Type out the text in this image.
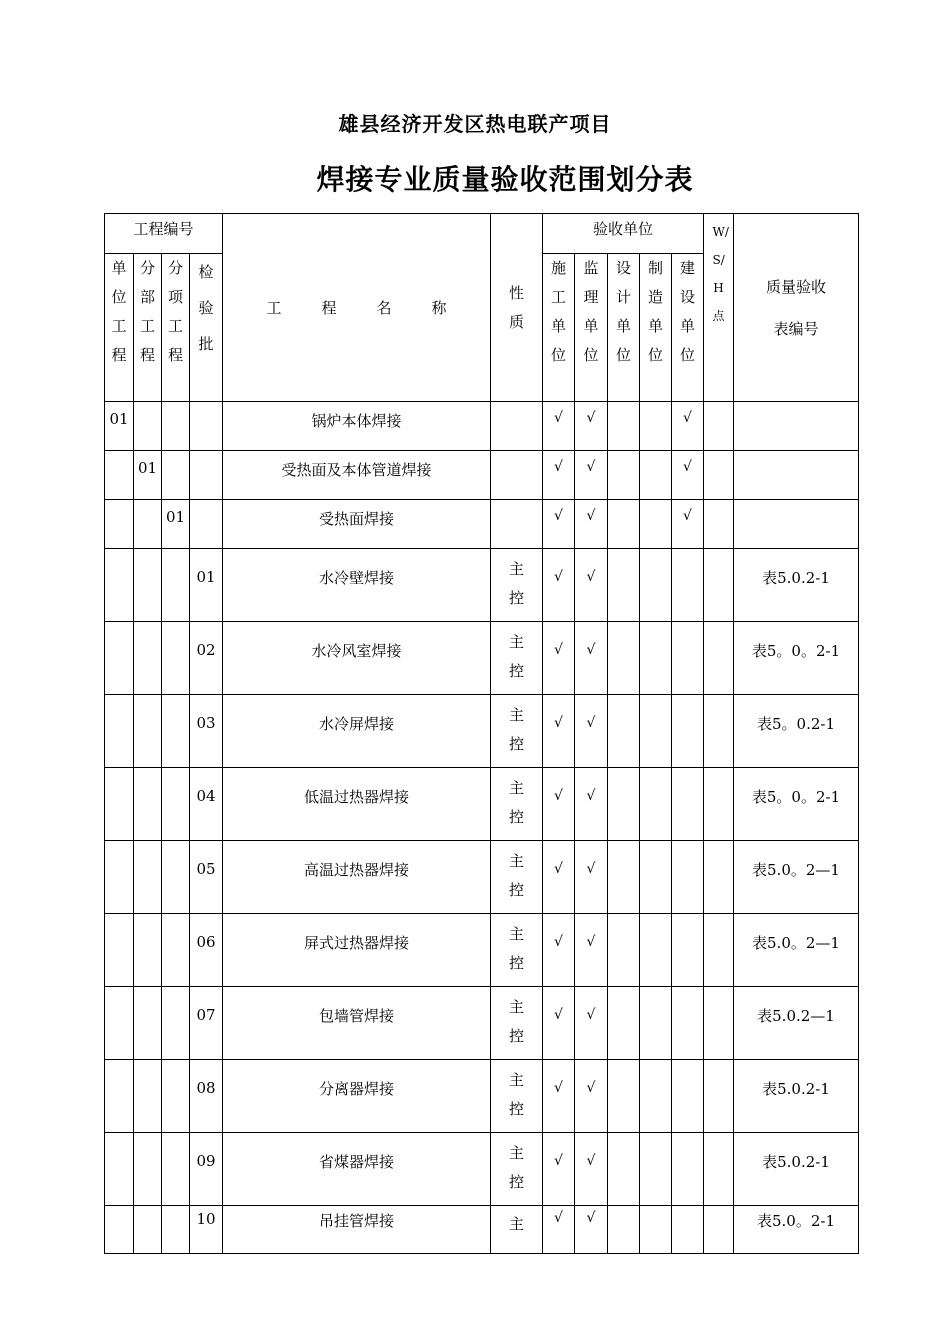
雄县经济开发区热电联产项目
焊接专业质量验收范围划分表
工程编号				工程名称	性质	验收单位					W/S/H点	质量验收
表编号

单位工程	分部工程	分项工程	检验批			施工单位	监理单位	设计单位	制造单位	建设单位		
01				锅炉本体焊接		√	√			√		
	01			受热面及本体管道焊接		√	√			√		
		01		受热面焊接		√	√			√		
			01	水冷壁焊接	主控	√	√					表5.0.2-1
			02	水冷风室焊接	主控	√	√					表5。0。2-1
			03	水冷屏焊接	主控	√	√					表5。0.2-1
			04	低温过热器焊接	主控	√	√					表5。0。2-1
			05	高温过热器焊接	主控	√	√					表5.0。2—1
			06	屏式过热器焊接	主控	√	√					表5.0。2—1
			07	包墙管焊接	主控	√	√					表5.0.2—1
			08	分离器焊接	主控	√	√					表5.0.2-1
			09	省煤器焊接	主控	√	√					表5.0.2-1
			10	吊挂管焊接	主	√	√					表5.0。2-1
